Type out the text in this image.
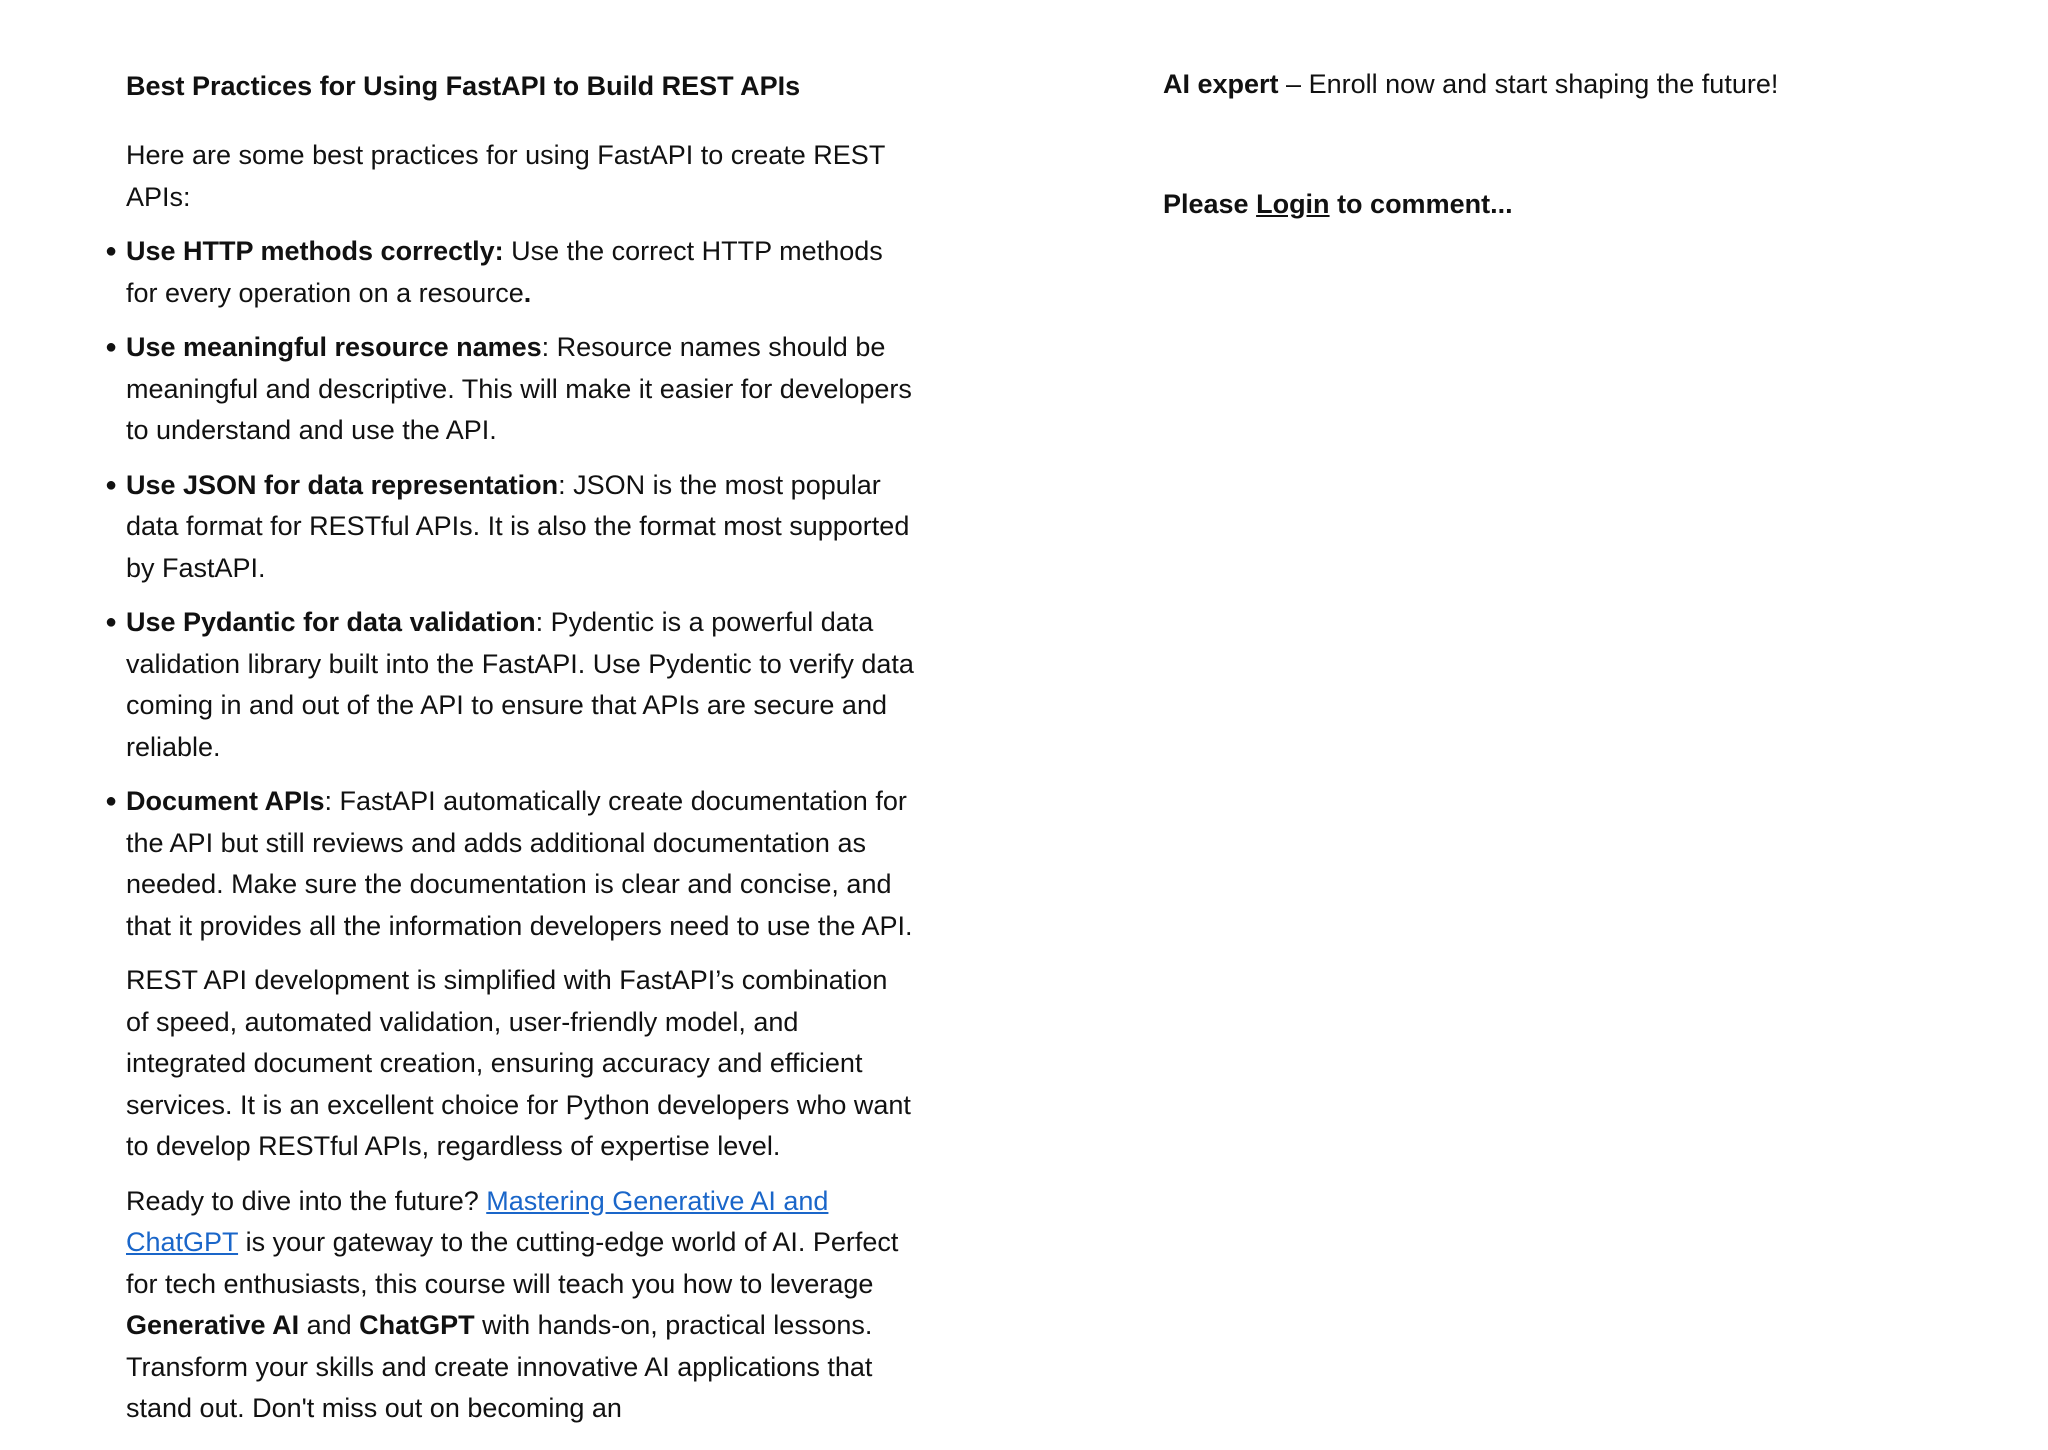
Best Practices for Using FastAPI to Build REST APIs

Here are some best practices for using FastAPI to create REST APIs:

● Use HTTP methods correctly: Use the correct HTTP methods for every operation on a resource.
● Use meaningful resource names: Resource names should be meaningful and descriptive. This will make it easier for developers to understand and use the API.
● Use JSON for data representation: JSON is the most popular data format for RESTful APIs. It is also the format most supported by FastAPI.
● Use Pydantic for data validation: Pydentic is a powerful data validation library built into the FastAPI. Use Pydentic to verify data coming in and out of the API to ensure that APIs are secure and reliable.
● Document APIs: FastAPI automatically create documentation for the API but still reviews and adds additional documentation as needed. Make sure the documentation is clear and concise, and that it provides all the information developers need to use the API.

REST API development is simplified with FastAPI’s combination of speed, automated validation, user-friendly model, and integrated document creation, ensuring accuracy and efficient services. It is an excellent choice for Python developers who want to develop RESTful APIs, regardless of expertise level.

Ready to dive into the future? Mastering Generative AI and ChatGPT is your gateway to the cutting-edge world of AI. Perfect for tech enthusiasts, this course will teach you how to leverage Generative AI and ChatGPT with hands-on, practical lessons. Transform your skills and create innovative AI applications that stand out. Don't miss out on becoming an

AI expert – Enroll now and start shaping the future!

Please Login to comment...
